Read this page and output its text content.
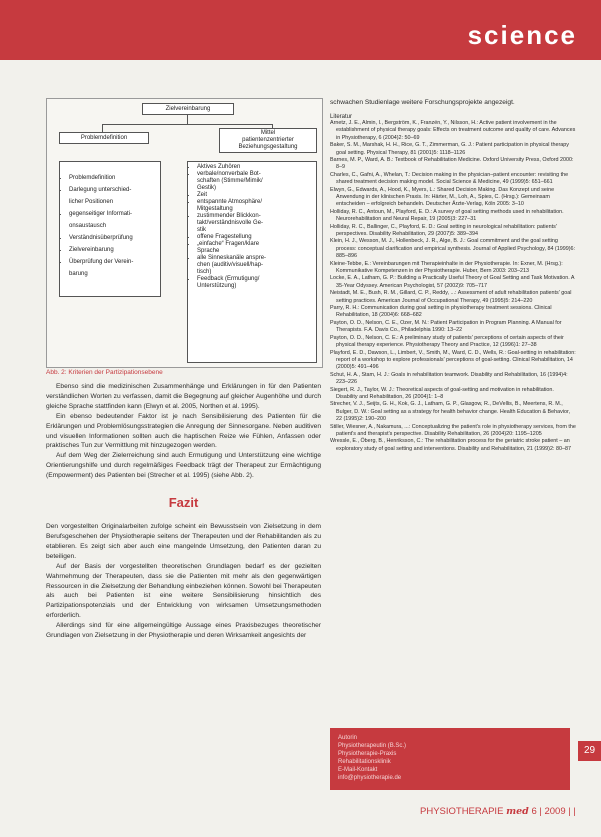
science
Zielvereinbarung
Problemdefinition
Mittel
patientenzentrierter
Beziehungsgestaltung
• Problemdefinition
• Darlegung unterschied-
licher Positionen
• gegenseitiger Informati-
onsaustausch
• Verständnisüberprüfung
• Zielvereinbarung
• Überprüfung der Verein-
barung
• Aktives Zuhören
• verbale/nonverbale Bot-
schaften (Stimme/Mimik/
Gestik)
• Zeit
• entspannte Atmosphäre/
Mitgestaltung
• zustimmender Blickkon-
takt/verständnisvolle Ge-
stik
• offene Fragestellung
• „einfache“ Fragen/klare
Sprache
• alle Sinneskanäle anspre-
chen (auditiv/visuell/hap-
tisch)
• Feedback (Ermutigung/
Unterstützung)
Abb. 2: Kriterien der Partizipationsebene

Ebenso sind die medizinischen Zusammenhänge und Erklärungen in für den Patienten verständlichen Worten zu verfassen, damit die Begegnung auf gleicher Augenhöhe und durch gleiche Sprache stattfinden kann (Elwyn et al. 2005, Northen et al. 1995).

Ein ebenso bedeutender Faktor ist je nach Sensibilisierung des Patienten für die Erklärungen und Problemlösungsstrategien die Anregung der Sinnesorgane. Neben auditiven und visuellen Informationen sollten auch die haptischen Reize wie Fühlen, Anfassen oder praktisches Tun zur Vermittlung mit hinzugezogen werden.

Auf dem Weg der Zielerreichung sind auch Ermutigung und Unterstützung eine wichtige Orientierungshilfe und durch regelmäßiges Feedback trägt der Therapeut zur Ermächtigung (Empowerment) des Patienten bei (Strecher et al. 1995) (siehe Abb. 2).

Fazit

Den vorgestellten Originalarbeiten zufolge scheint ein Bewusstsein von Zielsetzung in dem Berufsgeschehen der Physiotherapie seitens der Therapeuten und der Rehabilitanden als zu etablieren. Es zeigt sich aber auch eine mangelnde Umsetzung, den Patienten daran zu beteiligen.

Auf der Basis der vorgestellten theoretischen Grundlagen bedarf es der gezielten Wahrnehmung der Therapeuten, dass sie die Patienten mit mehr als den gegenwärtigen Ressourcen in die Zielsetzung der Behandlung einbeziehen können. Sowohl bei Therapeuten als auch bei Patienten ist eine weitere Sensibilisierung hinsichtlich des Partizipationspotenzials und der Entwicklung von wirksamen Umsetzungsmethoden erforderlich.

Allerdings sind für eine allgemeingültige Aussage eines Praxisbezuges theoretischer Grundlagen von Zielsetzung in der Physiotherapie und deren Wirksamkeit angesichts der

schwachen Studienlage weitere Forschungsprojekte angezeigt.

Literatur

Arnetz, J. E., Almin, I., Bergström, K., Franzén, Y., Nilsson, H.: Active patient involvement in the establishment of physical therapy goals: Effects on treatment outcome and quality of care. Advances in Physiotherapy, 6 (2004)2: 50–69

Baker, S. M., Marshak, H. H., Rice, G. T., Zimmerman, G. J.: Patient participation in physical therapy goal setting. Physical Therapy, 81 (2001)5: 1118–1126

Barnes, M. P., Ward, A. B.: Textbook of Rehabilitation Medicine. Oxford University Press, Oxford 2000: 8–9

Charles, C., Gafni, A., Whelan, T.: Decision making in the physician–patient encounter: revisiting the shared treatment decision making model. Social Science & Medicine, 49 (1999)5: 651–661

Elwyn, G., Edwards, A., Hood, K., Myers, L.: Shared Decision Making. Das Konzept und seine Anwendung in der klinischen Praxis. In: Härter, M., Loh, A., Spies, C. (Hrsg.): Gemeinsam entscheiden – erfolgreich behandeln. Deutscher Ärzte-Verlag, Köln 2005: 3–10

Holliday, R. C., Antoun, M., Playford, E. D.: A survey of goal setting methods used in rehabilitation. Neurorehabilitation and Neural Repair, 19 (2005)3: 227–31

Holliday, R. C., Ballinger, C., Playford, E. D.: Goal setting in neurological rehabilitation: patients' perspectives. Disability Rehabilitation, 29 (2007)5: 389–394

Klein, H. J., Wesson, M. J., Hollenbeck, J. R., Alge, B. J.: Goal commitment and the goal setting process: conceptual clarification and empirical synthesis. Journal of Applied Psychology, 84 (1999)6: 885–896

Kleine-Tebbe, E.: Vereinbarungen mit Therapieinhalte in der Physiotherapie. In: Exner, M. (Hrsg.): Kommunikative Kompetenzen in der Physiotherapie. Huber, Bern 2003: 203–213

Locke, E. A., Latham, G. P.: Building a Practically Useful Theory of Goal Setting and Task Motivation. A 35-Year Odyssey. American Psychologist, 57 (2002)9: 705–717

Neistadt, M. E., Bush, R. M., Gillard, C. P., Reddy, ...: Assessment of adult rehabilitation patients' goal setting practices. American Journal of Occupational Therapy, 49 (1995)5: 214–220

Parry, R. H.: Communication during goal setting in physiotherapy treatment sessions. Clinical Rehabilitation, 18 (2004)6: 668–682

Payton, O. D., Nelson, C. E., Ozer, M. N.: Patient Participation in Program Planning. A Manual for Therapists. F.A. Davis Co., Philadelphia 1990: 13–22

Payton, O. D., Nelson, C. E.: A preliminary study of patients' perceptions of certain aspects of their physical therapy experience. Physiotherapy Theory and Practice, 12 (1996)1: 27–38

Playford, E. D., Dawson, L., Limbert, V., Smith, M., Ward, C. D., Wells, R.: Goal-setting in rehabilitation: report of a workshop to explore professionals' perceptions of goal-setting. Clinical Rehabilitation, 14 (2000)5: 491–496

Schut, H. A., Stam, H. J.: Goals in rehabilitation teamwork. Disability and Rehabilitation, 16 (1994)4: 223–226

Siegert, R. J., Taylor, W. J.: Theoretical aspects of goal-setting and motivation in rehabilitation. Disability and Rehabilitation, 26 (2004)1: 1–8

Strecher, V. J., Seijts, G. H., Kok, G. J., Latham, G. P., Glasgow, R., DeVellis, B., Meertens, R. M., Bulger, D. W.: Goal setting as a strategy for health behavior change. Health Education & Behavior, 22 (1995)2: 190–200

Stiller, Wiesner, A., Nakamura, ...: Conceptualizing the patient's role in physiotherapy services, from the patient's and therapist's perspective. Disability Rehabilitation, 26 (2004)20: 1195–1205

Wressle, E., Öberg, B., Henriksson, C.: The rehabilitation process for the geriatric stroke patient – an exploratory study of goal setting and interventions. Disability and Rehabilitation, 21 (1999)2: 80–87

Autorin
Physiotherapeutin (B.Sc.)
Physiotherapie-Praxis
Rehabilitationsklinik
E-Mail-Kontakt
info@physiotherapie.de
29
PHYSIOTHERAPIE med 6 | 2009 | |
